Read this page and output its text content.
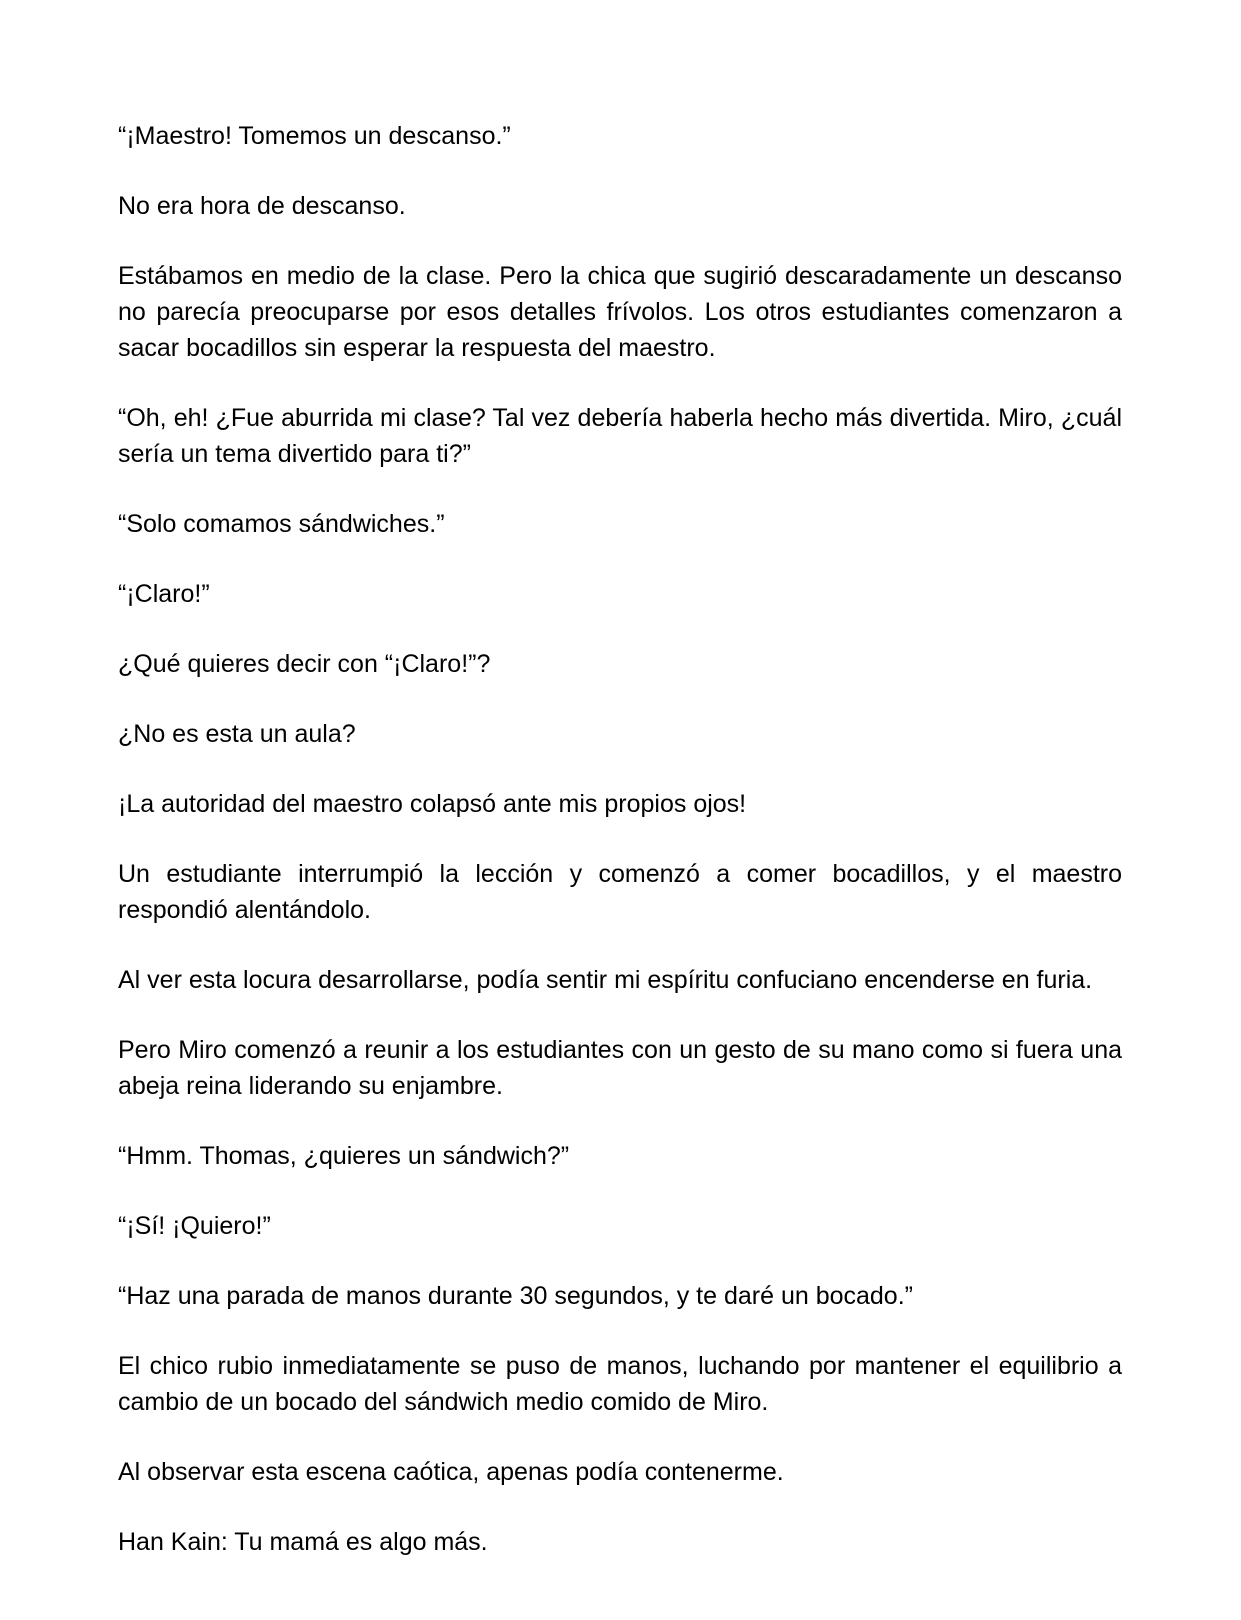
“¡Maestro! Tomemos un descanso.”

No era hora de descanso.

Estábamos en medio de la clase. Pero la chica que sugirió descaradamente un descanso no parecía preocuparse por esos detalles frívolos. Los otros estudiantes comenzaron a sacar bocadillos sin esperar la respuesta del maestro.

“Oh, eh! ¿Fue aburrida mi clase? Tal vez debería haberla hecho más divertida. Miro, ¿cuál sería un tema divertido para ti?”

“Solo comamos sándwiches.”

“¡Claro!”

¿Qué quieres decir con “¡Claro!”?

¿No es esta un aula?

¡La autoridad del maestro colapsó ante mis propios ojos!

Un estudiante interrumpió la lección y comenzó a comer bocadillos, y el maestro respondió alentándolo.

Al ver esta locura desarrollarse, podía sentir mi espíritu confuciano encenderse en furia.

Pero Miro comenzó a reunir a los estudiantes con un gesto de su mano como si fuera una abeja reina liderando su enjambre.

“Hmm. Thomas, ¿quieres un sándwich?”

“¡Sí! ¡Quiero!”

“Haz una parada de manos durante 30 segundos, y te daré un bocado.”

El chico rubio inmediatamente se puso de manos, luchando por mantener el equilibrio a cambio de un bocado del sándwich medio comido de Miro.

Al observar esta escena caótica, apenas podía contenerme.

Han Kain: Tu mamá es algo más.
